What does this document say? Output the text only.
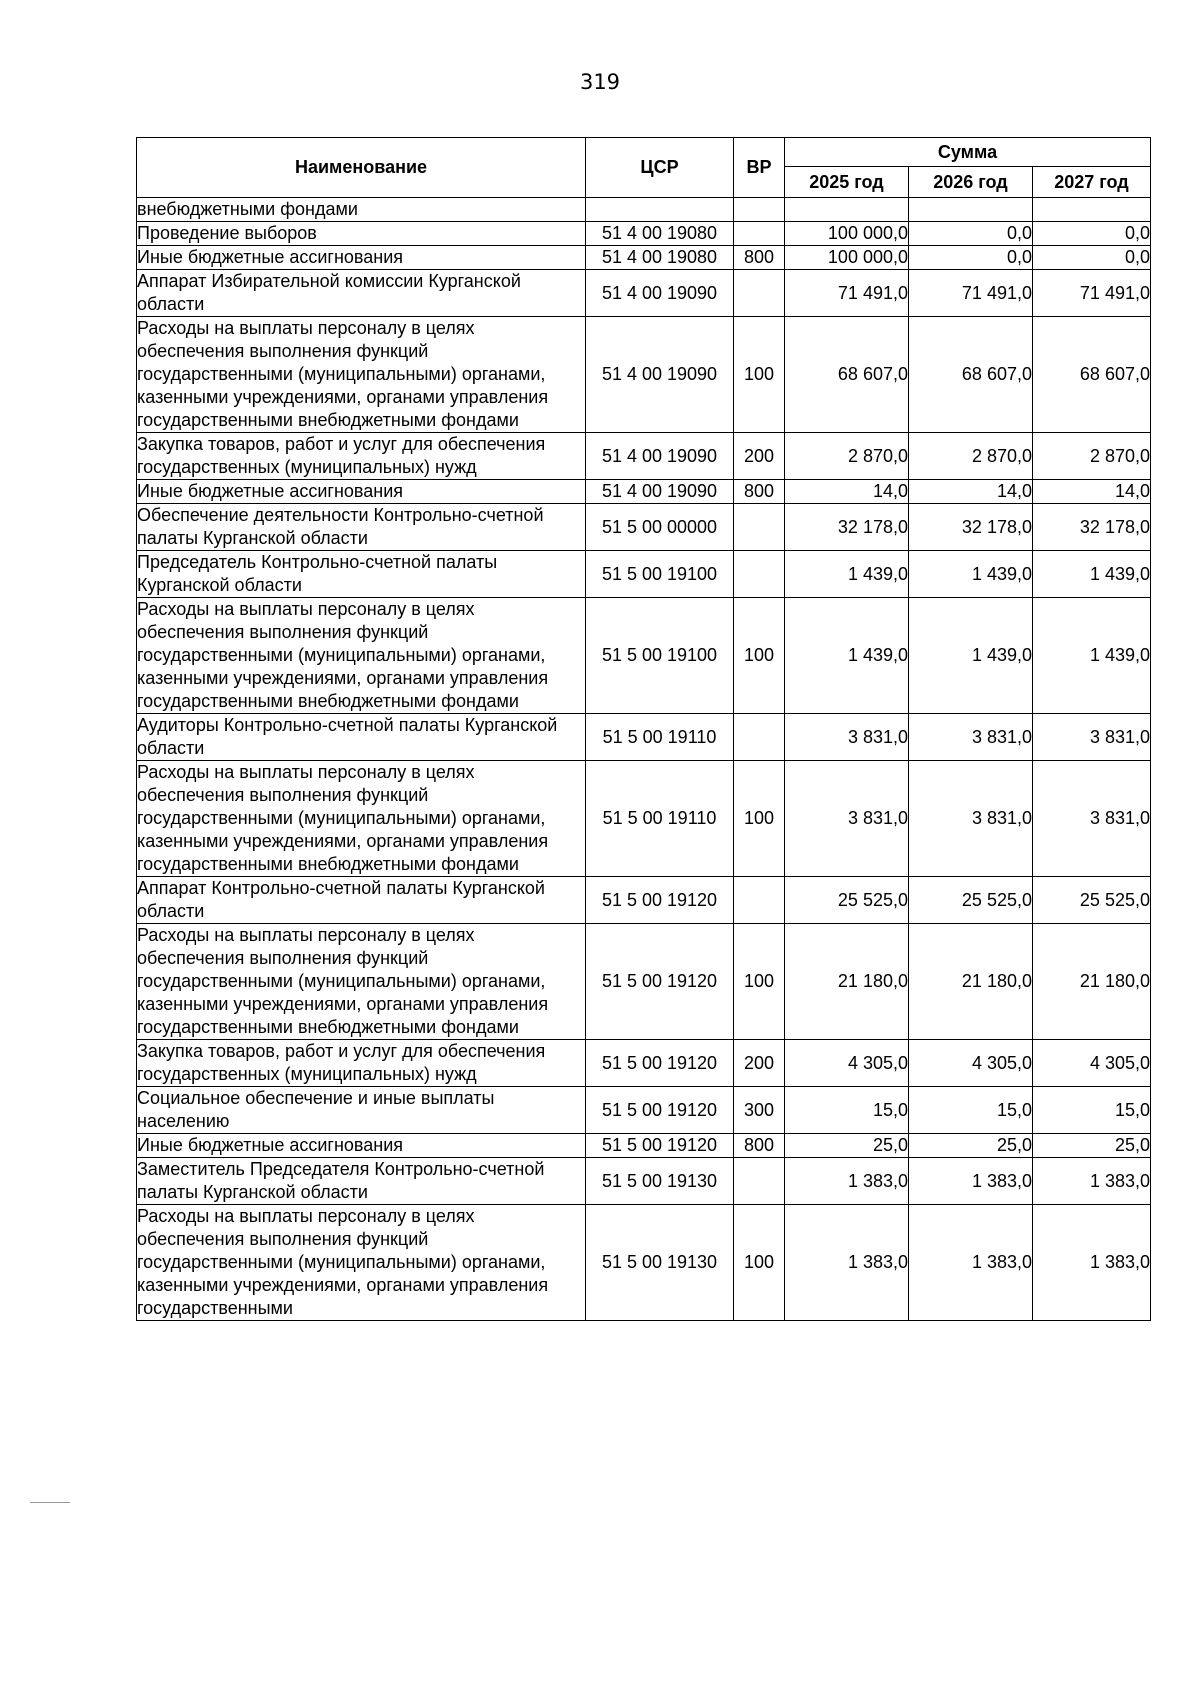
319
Наименование	ЦСР	ВР	Сумма		
			2025 год	2026 год	2027 год
внебюджетными фондами					
Проведение выборов	51 4 00 19080		100 000,0	0,0	0,0
Иные бюджетные ассигнования	51 4 00 19080	800	100 000,0	0,0	0,0
Аппарат Избирательной комиссии Курганской области	51 4 00 19090		71 491,0	71 491,0	71 491,0
Расходы на выплаты персоналу в целях обеспечения выполнения функций государственными (муниципальными) органами, казенными учреждениями, органами управления государственными внебюджетными фондами	51 4 00 19090	100	68 607,0	68 607,0	68 607,0
Закупка товаров, работ и услуг для обеспечения государственных (муниципальных) нужд	51 4 00 19090	200	2 870,0	2 870,0	2 870,0
Иные бюджетные ассигнования	51 4 00 19090	800	14,0	14,0	14,0
Обеспечение деятельности Контрольно-счетной палаты Курганской области	51 5 00 00000		32 178,0	32 178,0	32 178,0
Председатель Контрольно-счетной палаты Курганской области	51 5 00 19100		1 439,0	1 439,0	1 439,0
Расходы на выплаты персоналу в целях обеспечения выполнения функций государственными (муниципальными) органами, казенными учреждениями, органами управления государственными внебюджетными фондами	51 5 00 19100	100	1 439,0	1 439,0	1 439,0
Аудиторы Контрольно-счетной палаты Курганской области	51 5 00 19110		3 831,0	3 831,0	3 831,0
Расходы на выплаты персоналу в целях обеспечения выполнения функций государственными (муниципальными) органами, казенными учреждениями, органами управления государственными внебюджетными фондами	51 5 00 19110	100	3 831,0	3 831,0	3 831,0
Аппарат Контрольно-счетной палаты Курганской области	51 5 00 19120		25 525,0	25 525,0	25 525,0
Расходы на выплаты персоналу в целях обеспечения выполнения функций государственными (муниципальными) органами, казенными учреждениями, органами управления государственными внебюджетными фондами	51 5 00 19120	100	21 180,0	21 180,0	21 180,0
Закупка товаров, работ и услуг для обеспечения государственных (муниципальных) нужд	51 5 00 19120	200	4 305,0	4 305,0	4 305,0
Социальное обеспечение и иные выплаты населению	51 5 00 19120	300	15,0	15,0	15,0
Иные бюджетные ассигнования	51 5 00 19120	800	25,0	25,0	25,0
Заместитель Председателя Контрольно-счетной палаты Курганской области	51 5 00 19130		1 383,0	1 383,0	1 383,0
Расходы на выплаты персоналу в целях обеспечения выполнения функций государственными (муниципальными) органами, казенными учреждениями, органами управления государственными	51 5 00 19130	100	1 383,0	1 383,0	1 383,0
